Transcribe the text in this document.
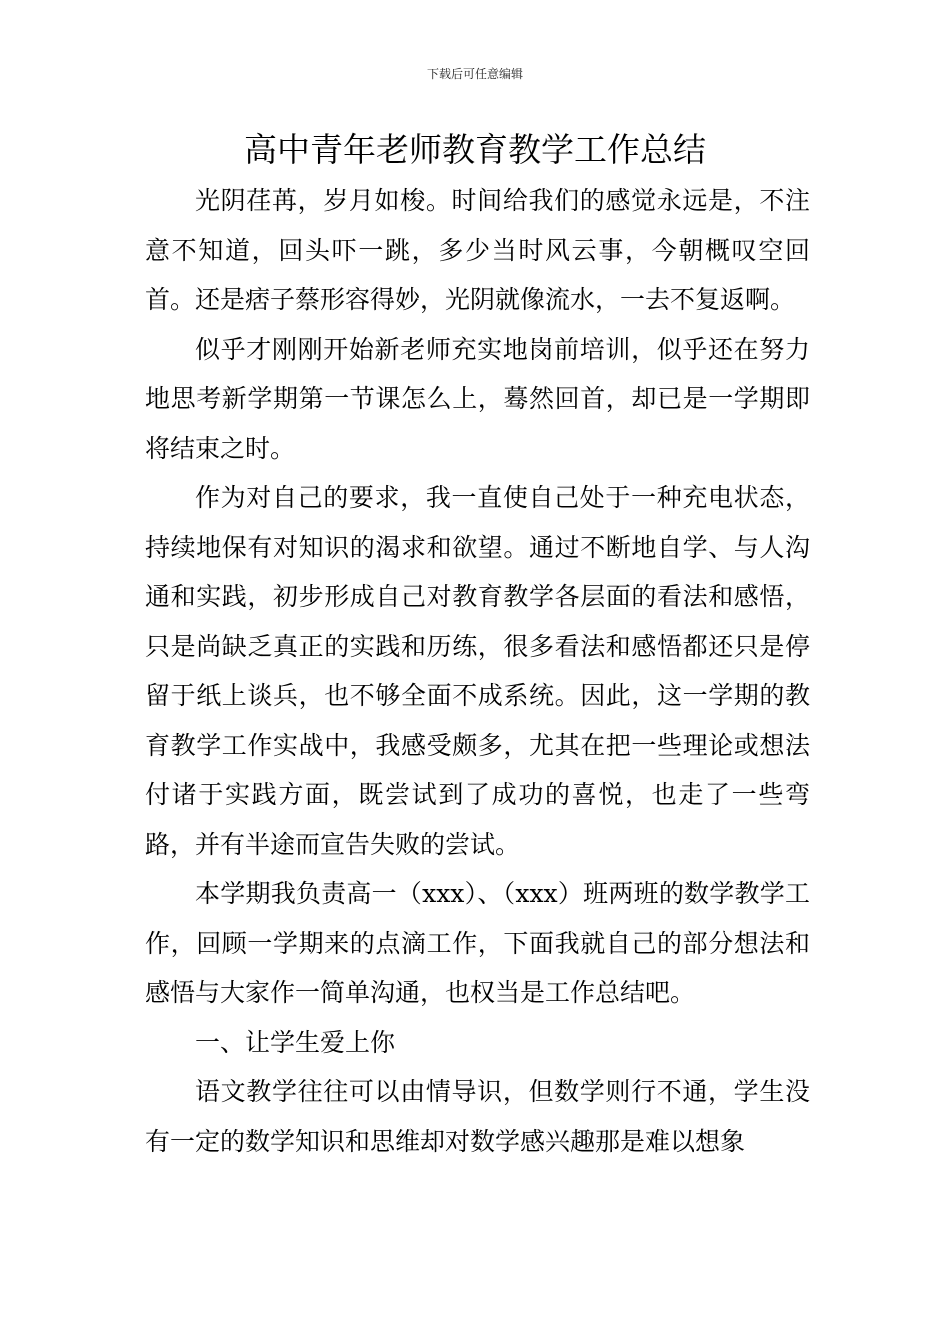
下载后可任意编辑
高中青年老师教育教学工作总结

光阴荏苒，岁月如梭。时间给我们的感觉永远是，不注意不知道，回头吓一跳，多少当时风云事，今朝概叹空回首。还是痞子蔡形容得妙，光阴就像流水，一去不复返啊。

似乎才刚刚开始新老师充实地岗前培训，似乎还在努力地思考新学期第一节课怎么上，蓦然回首，却已是一学期即将结束之时。

作为对自己的要求，我一直使自己处于一种充电状态，持续地保有对知识的渴求和欲望。通过不断地自学、与人沟通和实践，初步形成自己对教育教学各层面的看法和感悟，只是尚缺乏真正的实践和历练，很多看法和感悟都还只是停留于纸上谈兵，也不够全面不成系统。因此，这一学期的教育教学工作实战中，我感受颇多，尤其在把一些理论或想法付诸于实践方面，既尝试到了成功的喜悦，也走了一些弯路，并有半途而宣告失败的尝试。

本学期我负责高一（xxx）、（xxx）班两班的数学教学工作，回顾一学期来的点滴工作，下面我就自己的部分想法和感悟与大家作一简单沟通，也权当是工作总结吧。

一、让学生爱上你

语文教学往往可以由情导识，但数学则行不通，学生没有一定的数学知识和思维却对数学感兴趣那是难以想象
